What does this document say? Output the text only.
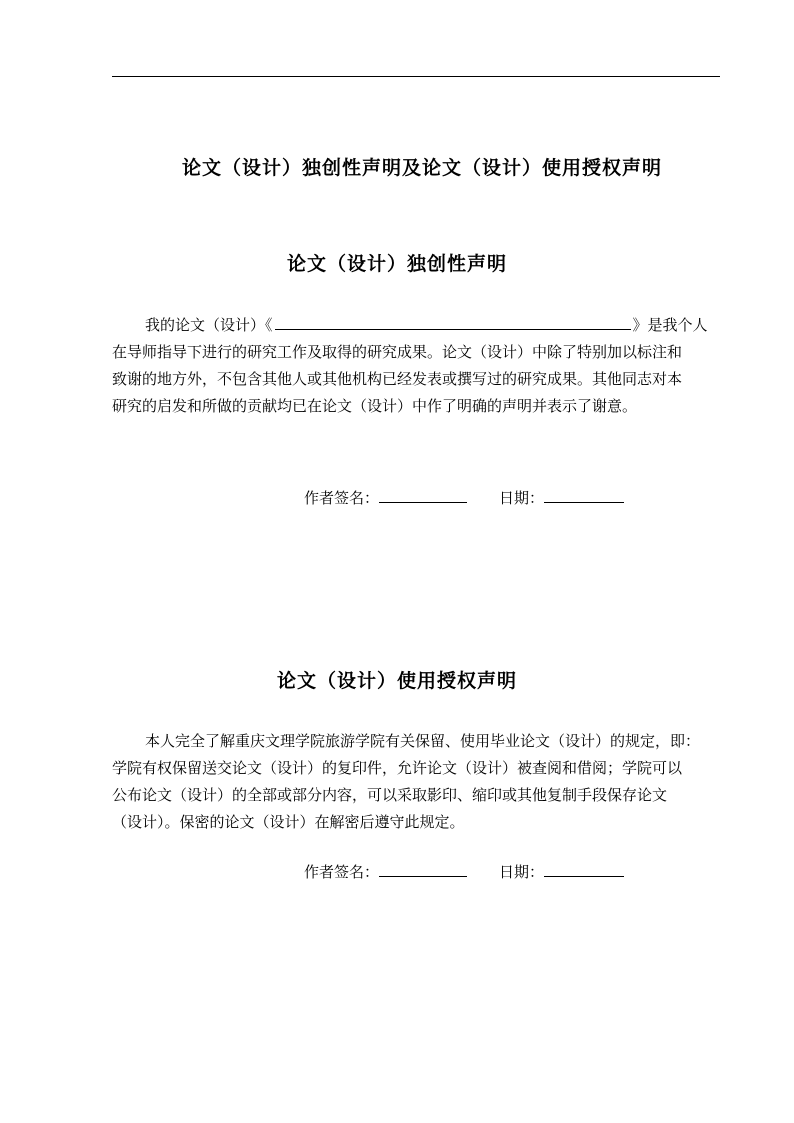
论文（设计）独创性声明及论文（设计）使用授权声明
论文（设计）独创性声明
我的论文（设计）《	》是我个人
在导师指导下进行的研究工作及取得的研究成果。论文（设计）中除了特别加以标注和
致谢的地方外，不包含其他人或其他机构已经发表或撰写过的研究成果。其他同志对本
研究的启发和所做的贡献均已在论文（设计）中作了明确的声明并表示了谢意。
作者签名：	日期：
论文（设计）使用授权声明
本人完全了解重庆文理学院旅游学院有关保留、使用毕业论文（设计）的规定，即：
学院有权保留送交论文（设计）的复印件，允许论文（设计）被查阅和借阅；学院可以
公布论文（设计）的全部或部分内容，可以采取影印、缩印或其他复制手段保存论文
（设计）。保密的论文（设计）在解密后遵守此规定。
作者签名：	日期：
